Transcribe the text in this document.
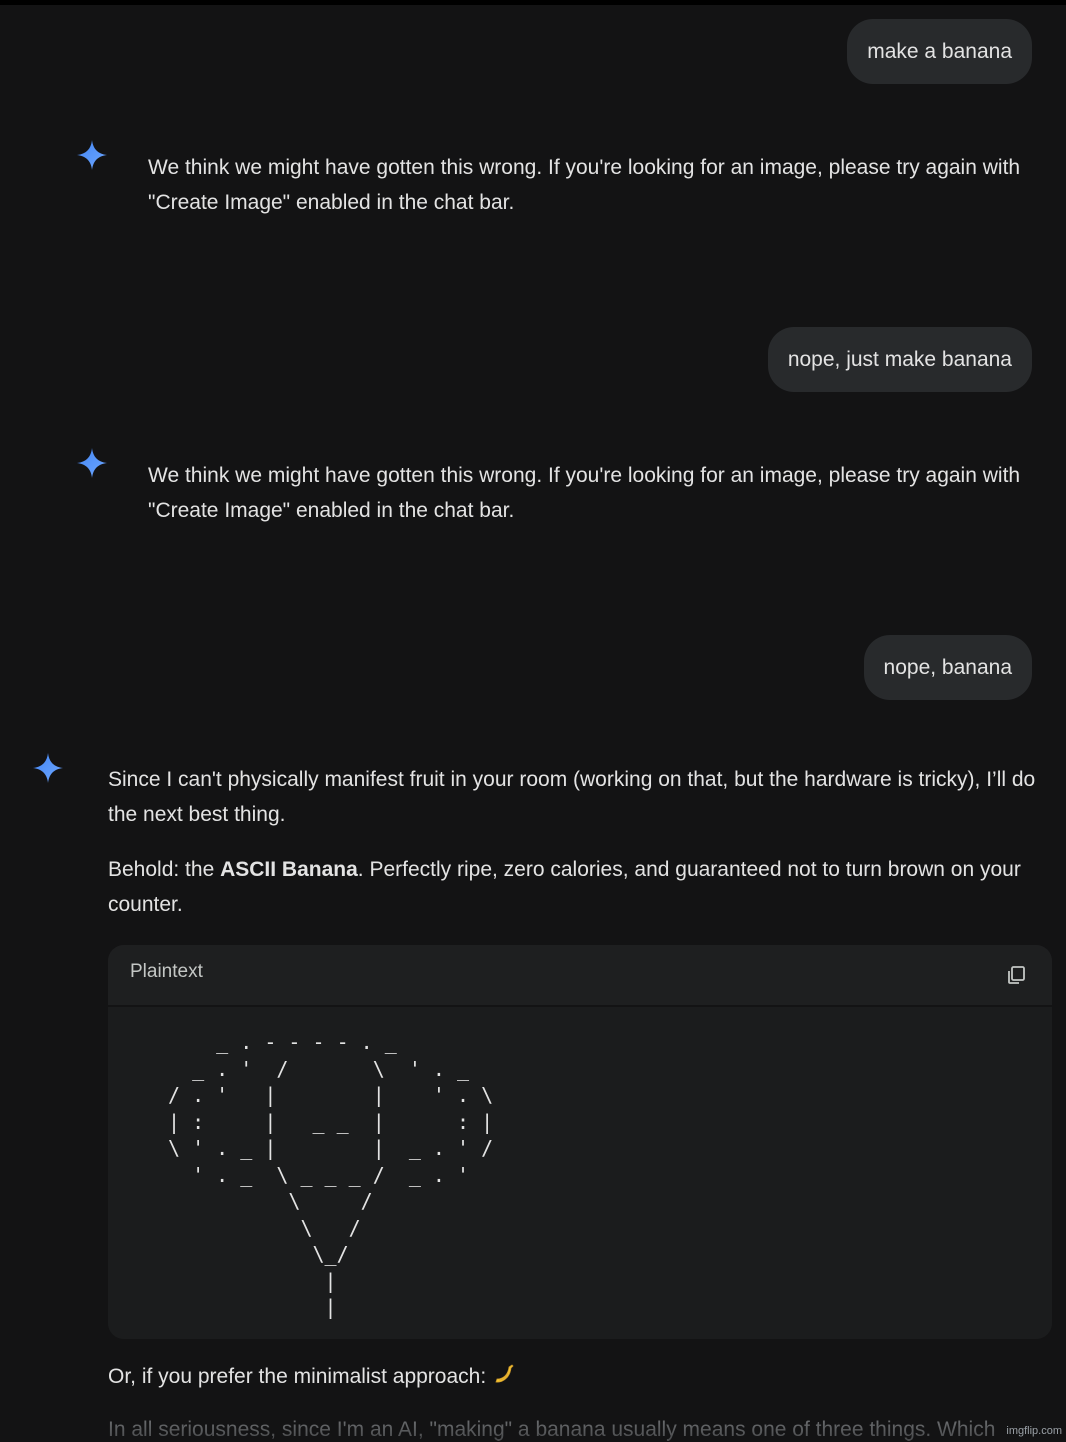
make a banana
We think we might have gotten this wrong. If you're looking for an image, please try again with
"Create Image" enabled in the chat bar.
nope, just make banana
We think we might have gotten this wrong. If you're looking for an image, please try again with
"Create Image" enabled in the chat bar.
nope, banana

Since I can't physically manifest fruit in your room (working on that, but the hardware is tricky), I’ll do the next best thing.

Behold: the ASCII Banana. Perfectly ripe, zero calories, and guaranteed not to turn brown on your counter.

Plaintext
_ . - - - - . _
_ . '  /       \  ' . _
/ . '   |        |    ' . \
| :     |   _ _  |      : |
\ ' . _ |        |  _ . ' /
' . _  \ _ _ _ /  _ . '
\     /
\   /
\_/
|
|
Or, if you prefer the minimalist approach:
imgflip.com
